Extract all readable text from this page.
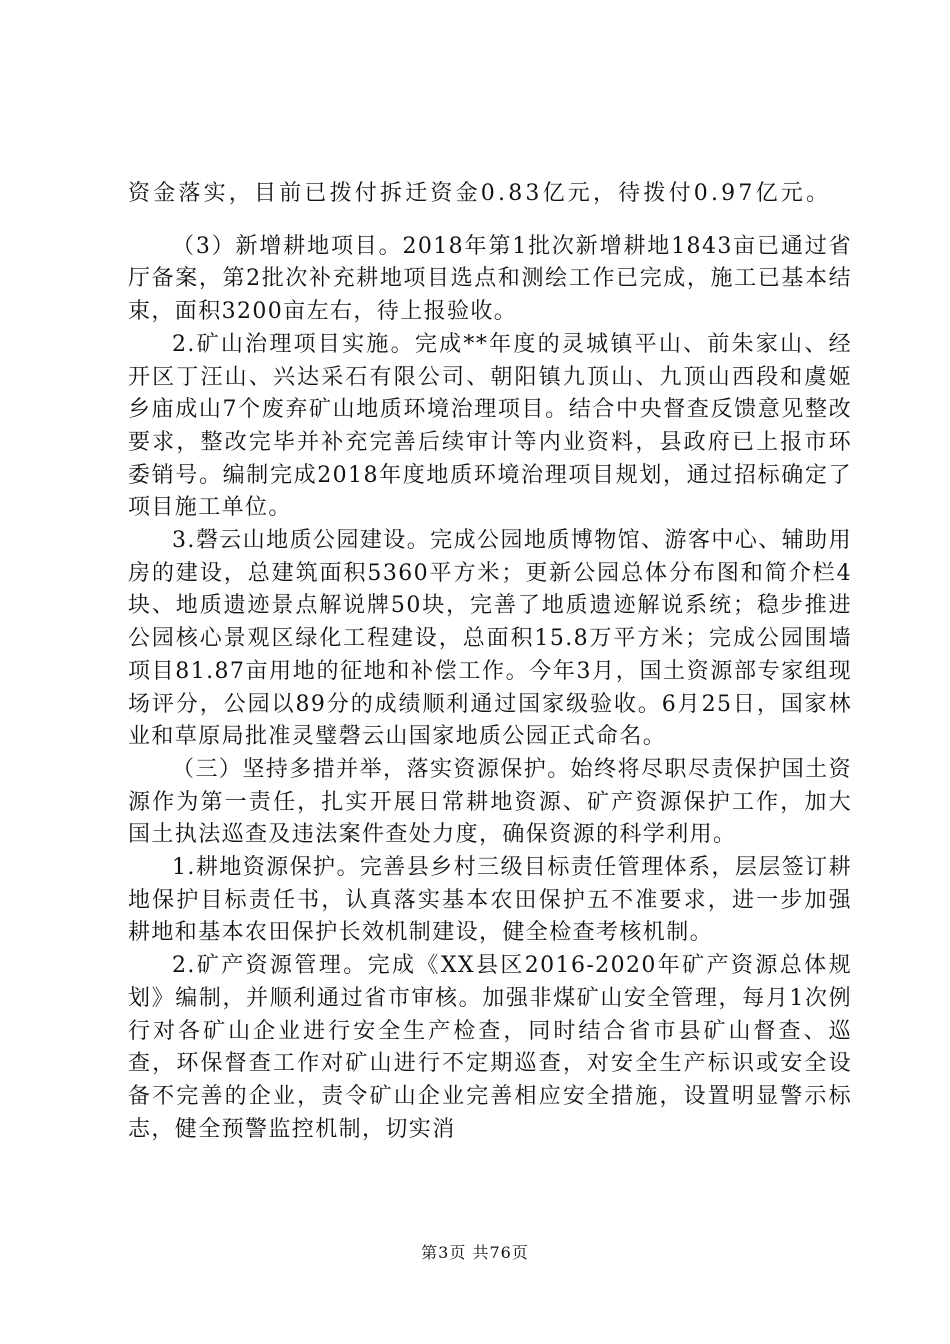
资金落实，目前已拨付拆迁资金0.83亿元，待拨付0.97亿元。

（3）新增耕地项目。2018年第1批次新增耕地1843亩已通过省厅备案，第2批次补充耕地项目选点和测绘工作已完成，施工已基本结束，面积3200亩左右，待上报验收。

2.矿山治理项目实施。完成**年度的灵城镇平山、前朱家山、经开区丁汪山、兴达采石有限公司、朝阳镇九顶山、九顶山西段和虞姬乡庙成山7个废弃矿山地质环境治理项目。结合中央督查反馈意见整改要求，整改完毕并补充完善后续审计等内业资料，县政府已上报市环委销号。编制完成2018年度地质环境治理项目规划，通过招标确定了项目施工单位。

3.磬云山地质公园建设。完成公园地质博物馆、游客中心、辅助用房的建设，总建筑面积5360平方米；更新公园总体分布图和简介栏4块、地质遗迹景点解说牌50块，完善了地质遗迹解说系统；稳步推进公园核心景观区绿化工程建设，总面积15.8万平方米；完成公园围墙项目81.87亩用地的征地和补偿工作。今年3月，国土资源部专家组现场评分，公园以89分的成绩顺利通过国家级验收。6月25日，国家林业和草原局批准灵璧磬云山国家地质公园正式命名。

（三）坚持多措并举，落实资源保护。始终将尽职尽责保护国土资源作为第一责任，扎实开展日常耕地资源、矿产资源保护工作，加大国土执法巡查及违法案件查处力度，确保资源的科学利用。

1.耕地资源保护。完善县乡村三级目标责任管理体系，层层签订耕地保护目标责任书，认真落实基本农田保护五不准要求，进一步加强耕地和基本农田保护长效机制建设，健全检查考核机制。

2.矿产资源管理。完成《XX县区2016-2020年矿产资源总体规划》编制，并顺利通过省市审核。加强非煤矿山安全管理，每月1次例行对各矿山企业进行安全生产检查，同时结合省市县矿山督查、巡查，环保督查工作对矿山进行不定期巡查，对安全生产标识或安全设备不完善的企业，责令矿山企业完善相应安全措施，设置明显警示标志，健全预警监控机制，切实消

第3页 共76页
